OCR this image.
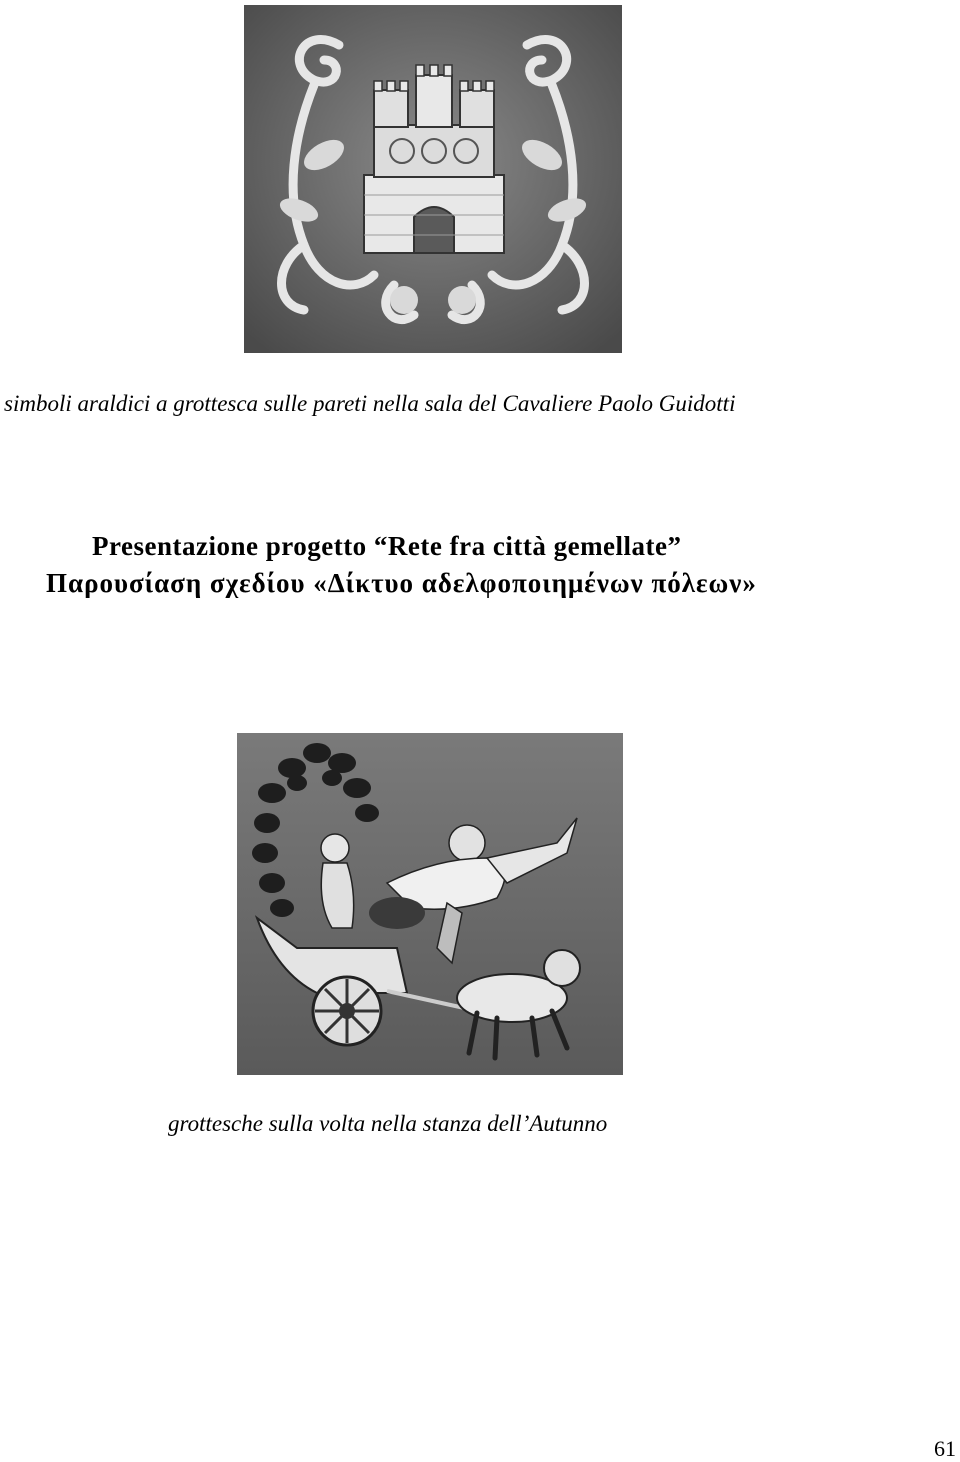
simboli araldici a grottesca sulle pareti nella sala del Cavaliere Paolo Guidotti
Presentazione progetto “Rete fra città gemellate”
Παρουσίαση σχεδίου «Δίκτυο αδελφοποιημένων πόλεων»
grottesche sulla volta nella stanza dell’Autunno
61
